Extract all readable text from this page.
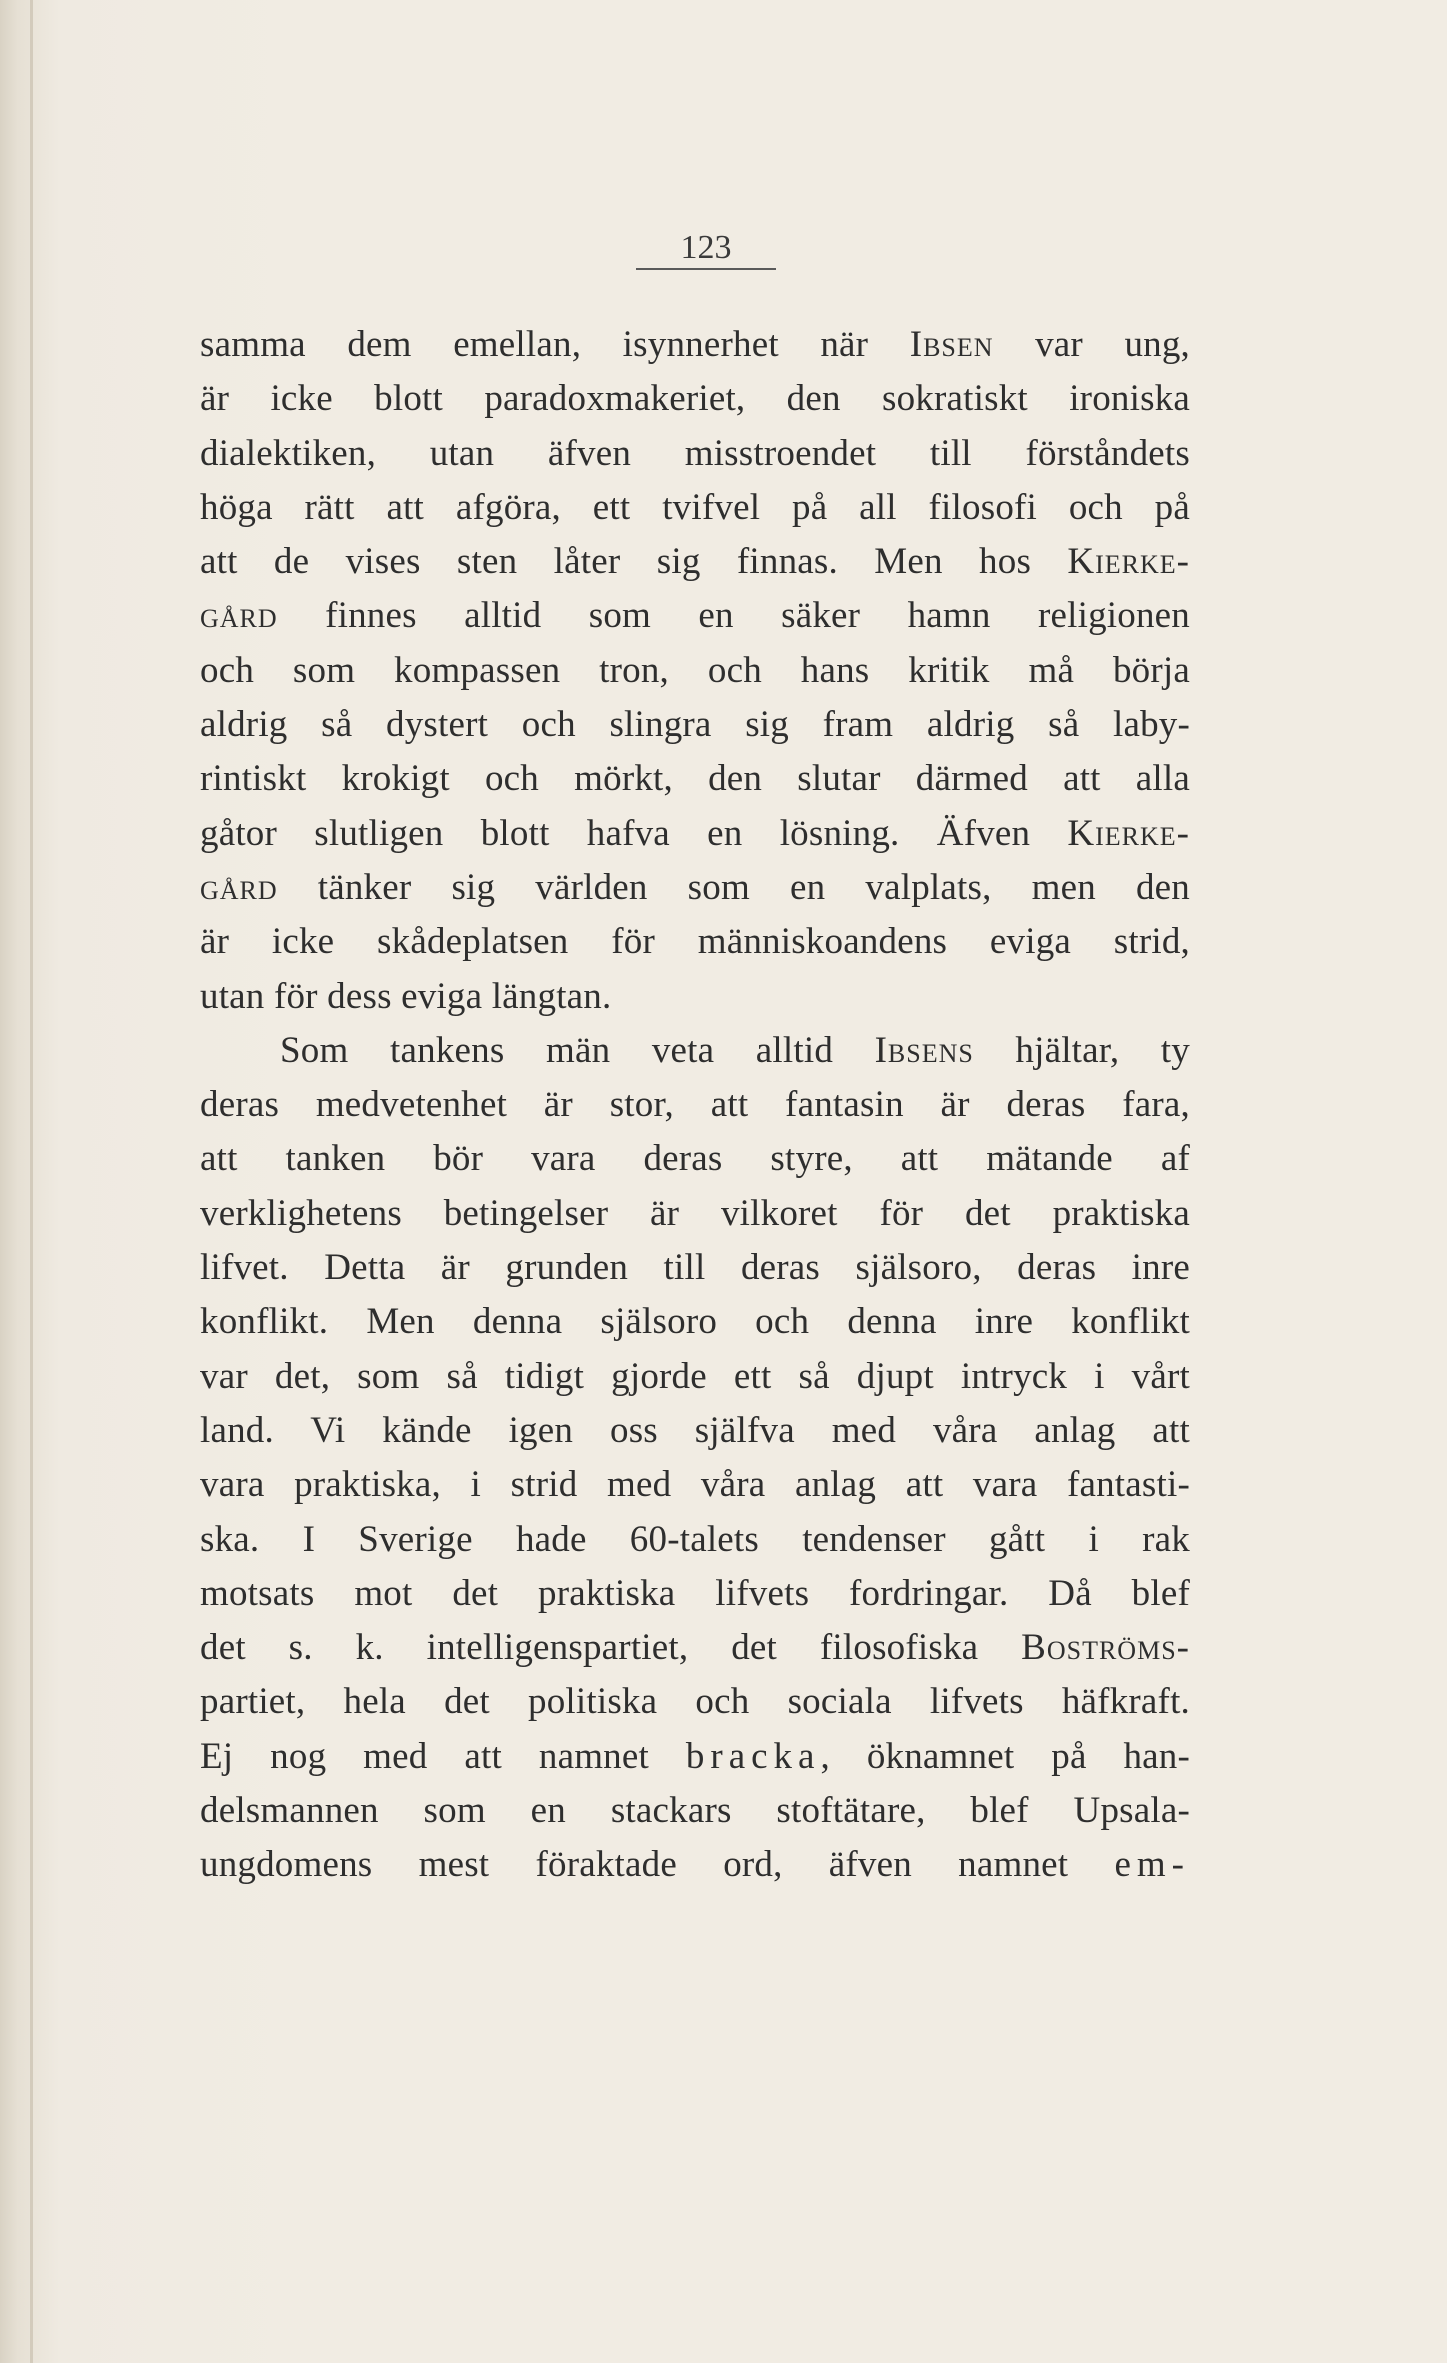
123
samma dem emellan, isynnerhet när Ibsen var ung,
är icke blott paradoxmakeriet, den sokratiskt ironiska
dialektiken, utan äfven misstroendet till förståndets
höga rätt att afgöra, ett tvifvel på all filosofi och på
att de vises sten låter sig finnas. Men hos Kierke-
gård finnes alltid som en säker hamn religionen
och som kompassen tron, och hans kritik må börja
aldrig så dystert och slingra sig fram aldrig så laby-
rintiskt krokigt och mörkt, den slutar därmed att alla
gåtor slutligen blott hafva en lösning. Äfven Kierke-
gård tänker sig världen som en valplats, men den
är icke skådeplatsen för människoandens eviga strid,
utan för dess eviga längtan.
Som tankens män veta alltid Ibsens hjältar, ty
deras medvetenhet är stor, att fantasin är deras fara,
att tanken bör vara deras styre, att mätande af
verklighetens betingelser är vilkoret för det praktiska
lifvet. Detta är grunden till deras själsoro, deras inre
konflikt. Men denna själsoro och denna inre konflikt
var det, som så tidigt gjorde ett så djupt intryck i vårt
land. Vi kände igen oss själfva med våra anlag att
vara praktiska, i strid med våra anlag att vara fantasti-
ska. I Sverige hade 60-talets tendenser gått i rak
motsats mot det praktiska lifvets fordringar. Då blef
det s. k. intelligenspartiet, det filosofiska Boströms-
partiet, hela det politiska och sociala lifvets häfkraft.
Ej nog med att namnet bracka, öknamnet på han-
delsmannen som en stackars stoftätare, blef Upsala-
ungdomens mest föraktade ord, äfven namnet em-
